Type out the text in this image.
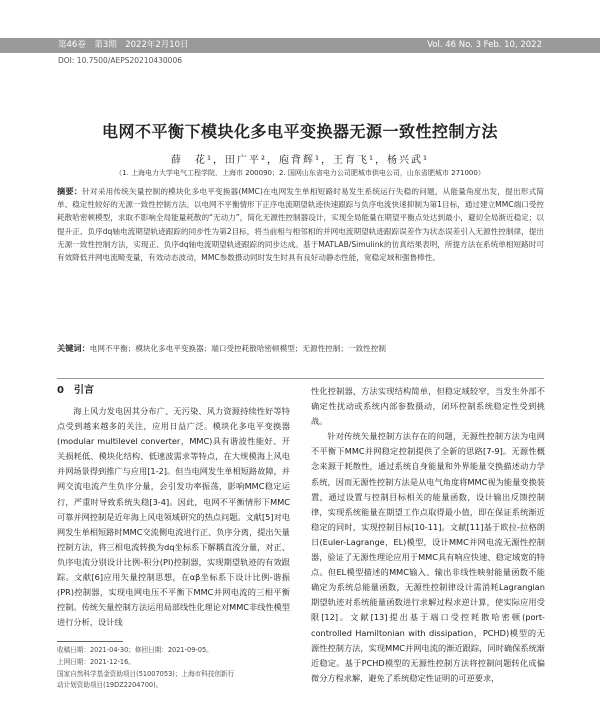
第46卷　第3期　2022年2月10日	Vol. 46 No. 3 Feb. 10, 2022
DOI: 10.7500/AEPS20210430006
电网不平衡下模块化多电平变换器无源一致性控制方法
薛　花¹，田广平²，庖背辉¹，王育飞¹，杨兴武¹
（1. 上海电力大学电气工程学院，上海市 200090；2. 国网山东省电力公司肥城市供电公司，山东省肥城市 271000）
摘要：针对采用传统矢量控制的模块化多电平变换器(MMC)在电网发生单相短路时易发生系统运行失稳的问题，从能量角度出发，提出形式简单、稳定性较好的无源一致性控制方法。以电网不平衡情形下正序电流期望轨迹快速跟踪与负序电流快速抑制为第1目标，通过建立MMC端口受控耗散哈密顿模型，求取不影响全局能量耗散的“无动力”，简化无源性控制器设计，实现全局能量在期望平衡点处达到最小，避切全局渐近稳定；以提升正、负序dq轴电流期望轨迹跟踪的同步性为第2目标，将当前相与相邻相的并网电流期望轨迹跟踪误差作为状态误差引入无源性控制律，提出无源一致性控制方法，实现正、负序dq轴电流期望轨迹跟踪的同步达成。基于MATLAB/Simulink的仿真结果表明，所提方法在系统单相短路时可有效降低并网电流畸变量，有效动态波动，MMC参数摄动同时发生时具有良好动静态性能，宽稳定域和强鲁棒性。
关键词：电网不平衡；模块化多电平变换器；端口受控耗散哈密顿模型；无源性控制；一致性控制
0　引言

海上风力发电因其分布广、无污染、风力资源持续性好等特点受到越来越多的关注，应用日益广泛。模块化多电平变换器(modular multilevel converter，MMC)具有谐波性能好、开关损耗低、模块化结构、低速波需求等特点，在大规模海上风电并网场景得到推广与应用[1-2]。但当电网发生单相短路故障，并网交流电流产生负序分量，会引发功率振荡，影响MMC稳定运行，严重时导致系统失稳[3-4]。因此，电网不平衡情形下MMC可靠并网控制是近年海上风电领域研究的热点问题。文献[5]对电网发生单相短路时MMC交流侧电流进行正、负序分离，提出矢量控制方法，将三相电流转换为dq坐标系下解耦直流分量，对正、负序电流分别设计比例-积分(PI)控制器，实现期望轨迹的有效跟踪。文献[6]应用矢量控制思想，在αβ坐标系下设计比例-谐振(PR)控制器，实现电网电压不平衡下MMC并网电流的三相平衡控制。传统矢量控制方法运用局部线性化理论对MMC非线性模型进行分析，设计线

性化控制器，方法实现结构简单，但稳定域较窄，当发生外部不确定性扰动或系统内部参数摄动，闭环控制系统稳定性受到挑战。

针对传统矢量控制方法存在的问题，无源性控制方法为电网不平衡下MMC并网稳定控制提供了全新的思路[7-9]。无源性概念来源于耗散性，通过系统自身能量和外界能量交换描述动力学系统，因而无源性控制方法是从电气角度将MMC视为能量变换装置，通过设置与控制目标相关的能量函数，设计输出反馈控制律，实现系统能量在期望工作点取得最小值，即在保证系统渐近稳定的同时，实现控制目标[10-11]。文献[11]基于欧拉-拉格朗日(Euler-Lagrange，EL)模型，设计MMC并网电流无源性控制器，验证了无源性理论应用于MMC具有响应快速、稳定域宽的特点。但EL模型描述的MMC输入、输出非线性映射能量函数不能确定为系统总能量函数，无源性控制律设计需消耗Lagrangian期望轨迹对系统能量函数进行求解过程求逆计算，使实际应用受限[12]。文献[13]提出基于端口受控耗散哈密顿(port-controlled Hamiltonian with dissipation，PCHD)模型的无源性控制方法，实现MMC并网电流的渐近跟踪，同时确保系统渐近稳定。基于PCHD模型的无源性控制方法将控制问题转化成偏微分方程求解，避免了系统稳定性证明的可逆要求，

收稿日期：2021-04-30；修回日期：2021-09-05。
上网日期：2021-12-16。
国家自然科学基金资助项目(51007053)；上海市科技创新行
动计划资助项目(19DZ2204700)。
